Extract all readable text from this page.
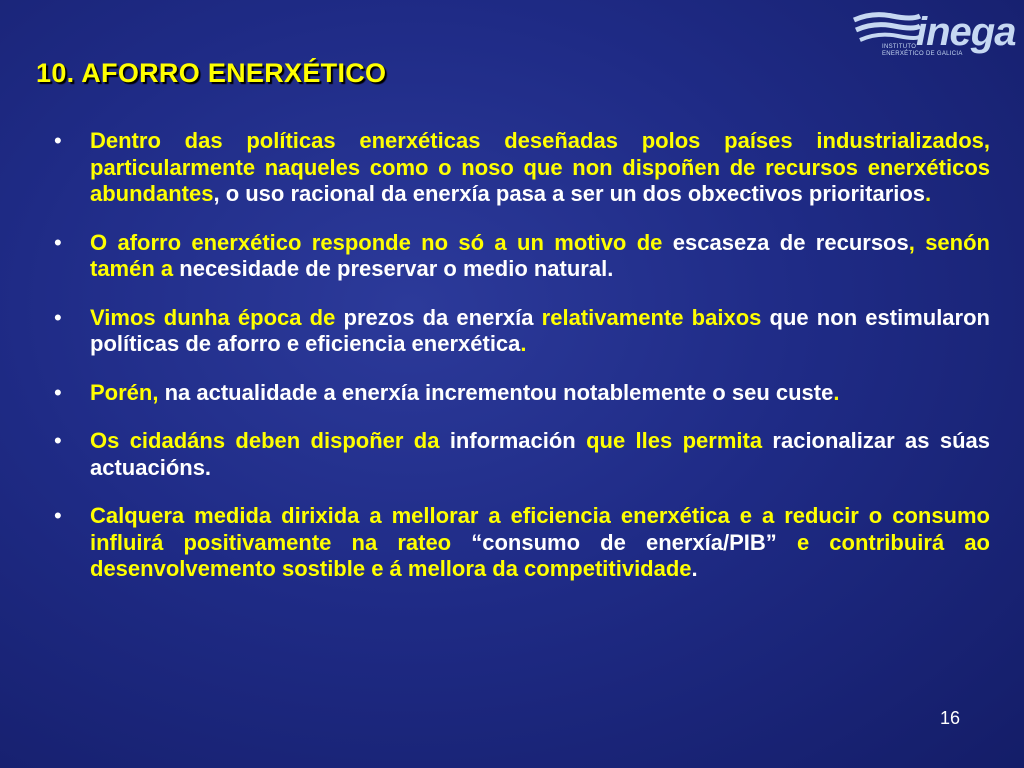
10. AFORRO ENERXÉTICO
inega
INSTITUTO
ENERXÉTICO DE GALICIA
• Dentro das políticas enerxéticas deseñadas polos países industrializados, particularmente naqueles como o noso que non dispoñen de recursos enerxéticos abundantes, o uso racional da enerxía pasa a ser un dos obxectivos prioritarios.
• O aforro enerxético responde no só a un motivo de escaseza de recursos, senón tamén a necesidade de preservar o medio natural.
• Vimos dunha época de prezos da enerxía relativamente baixos que non estimularon políticas de aforro e eficiencia enerxética.
• Porén, na actualidade a enerxía incrementou notablemente o seu custe.
• Os cidadáns deben dispoñer da información que lles permita racionalizar as súas actuacións.
• Calquera medida dirixida a mellorar a eficiencia enerxética e a reducir o consumo influirá positivamente na rateo “consumo de enerxía/PIB” e contribuirá ao desenvolvemento sostible e á mellora da competitividade.
16
